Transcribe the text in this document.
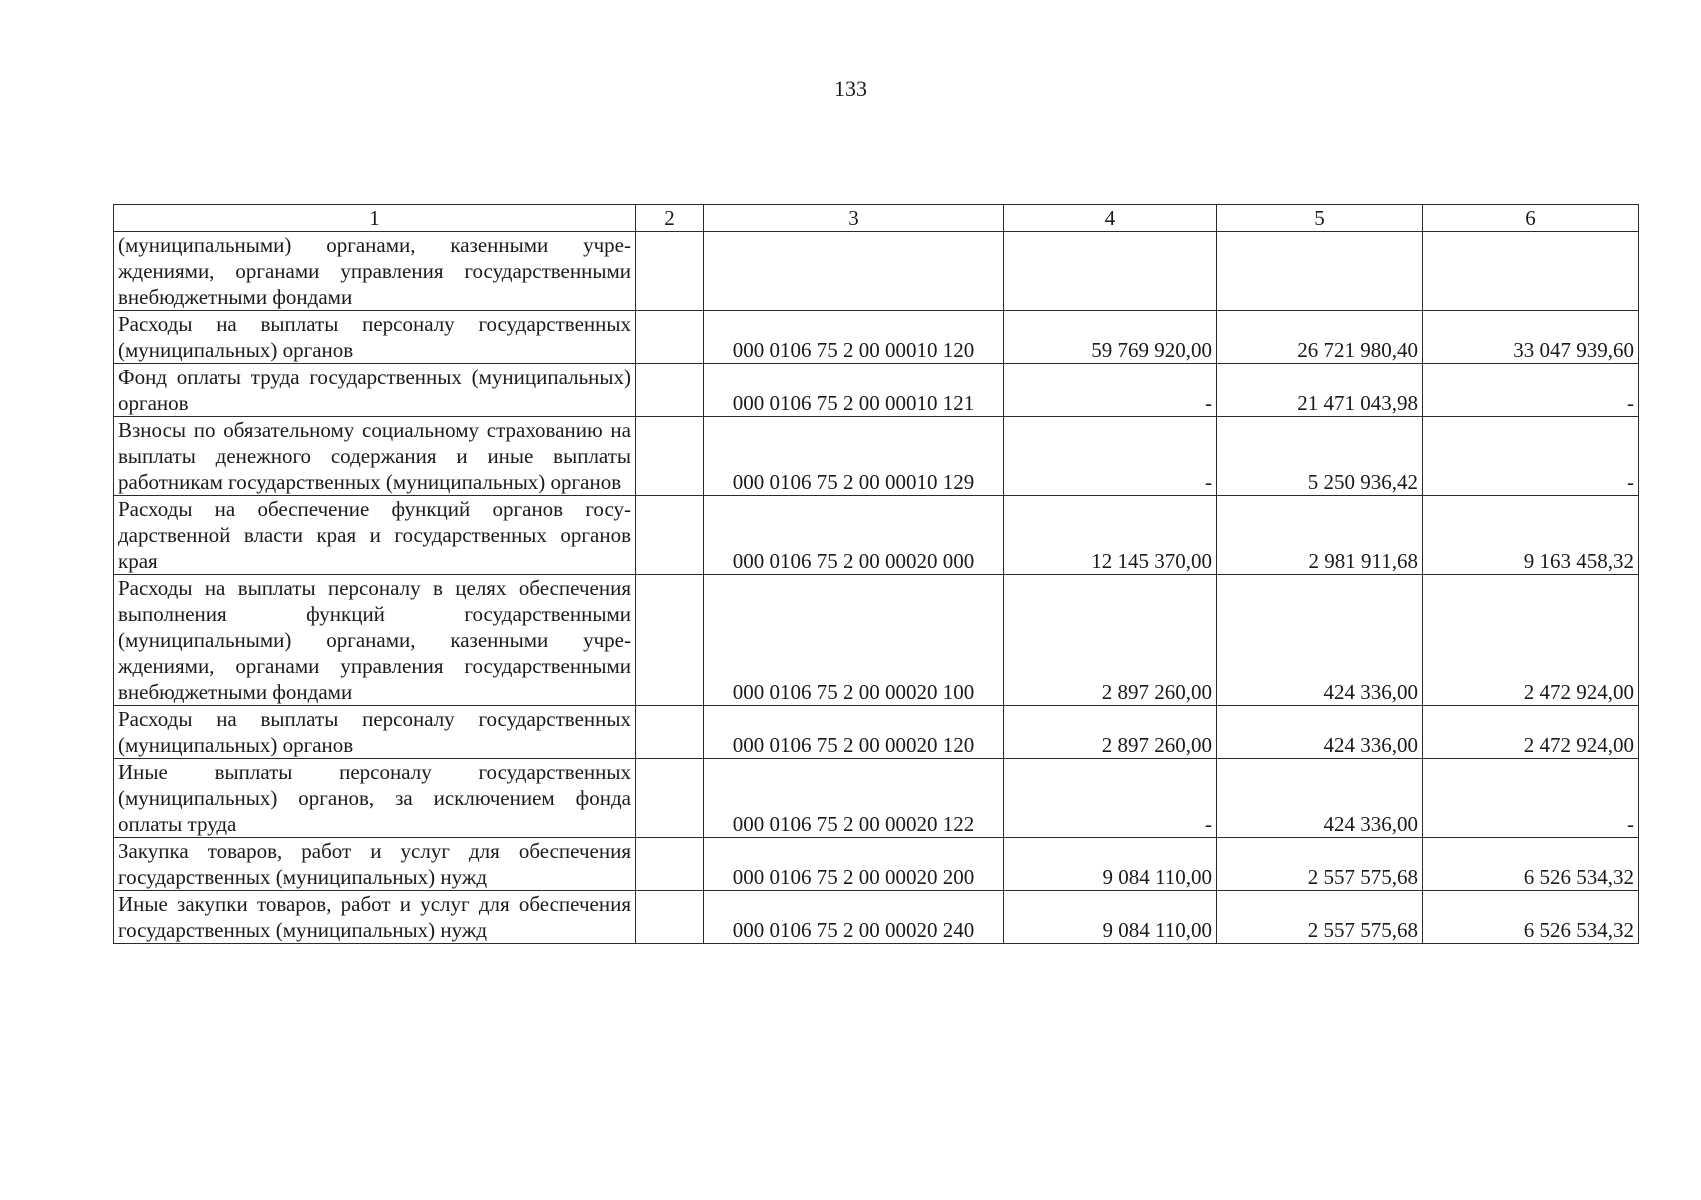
133
1	2	3	4	5	6
(муниципальными) органами, казенными учреждениями, органами управления государственными внебюджетными фондами					
Расходы на выплаты персоналу государственных (муниципальных) органов		000 0106 75 2 00 00010 120	59 769 920,00	26 721 980,40	33 047 939,60
Фонд оплаты труда государственных (муниципальных) органов		000 0106 75 2 00 00010 121	-	21 471 043,98	-
Взносы по обязательному социальному страхованию на выплаты денежного содержания и иные выплаты работникам государственных (муниципальных) органов		000 0106 75 2 00 00010 129	-	5 250 936,42	-
Расходы на обеспечение функций органов государственной власти края и государственных органов края		000 0106 75 2 00 00020 000	12 145 370,00	2 981 911,68	9 163 458,32
Расходы на выплаты персоналу в целях обеспечения выполнения функций государственными (муниципальными) органами, казенными учреждениями, органами управления государственными внебюджетными фондами		000 0106 75 2 00 00020 100	2 897 260,00	424 336,00	2 472 924,00
Расходы на выплаты персоналу государственных (муниципальных) органов		000 0106 75 2 00 00020 120	2 897 260,00	424 336,00	2 472 924,00
Иные выплаты персоналу государственных (муниципальных) органов, за исключением фонда оплаты труда		000 0106 75 2 00 00020 122	-	424 336,00	-
Закупка товаров, работ и услуг для обеспечения государственных (муниципальных) нужд		000 0106 75 2 00 00020 200	9 084 110,00	2 557 575,68	6 526 534,32
Иные закупки товаров, работ и услуг для обеспечения государственных (муниципальных) нужд		000 0106 75 2 00 00020 240	9 084 110,00	2 557 575,68	6 526 534,32
